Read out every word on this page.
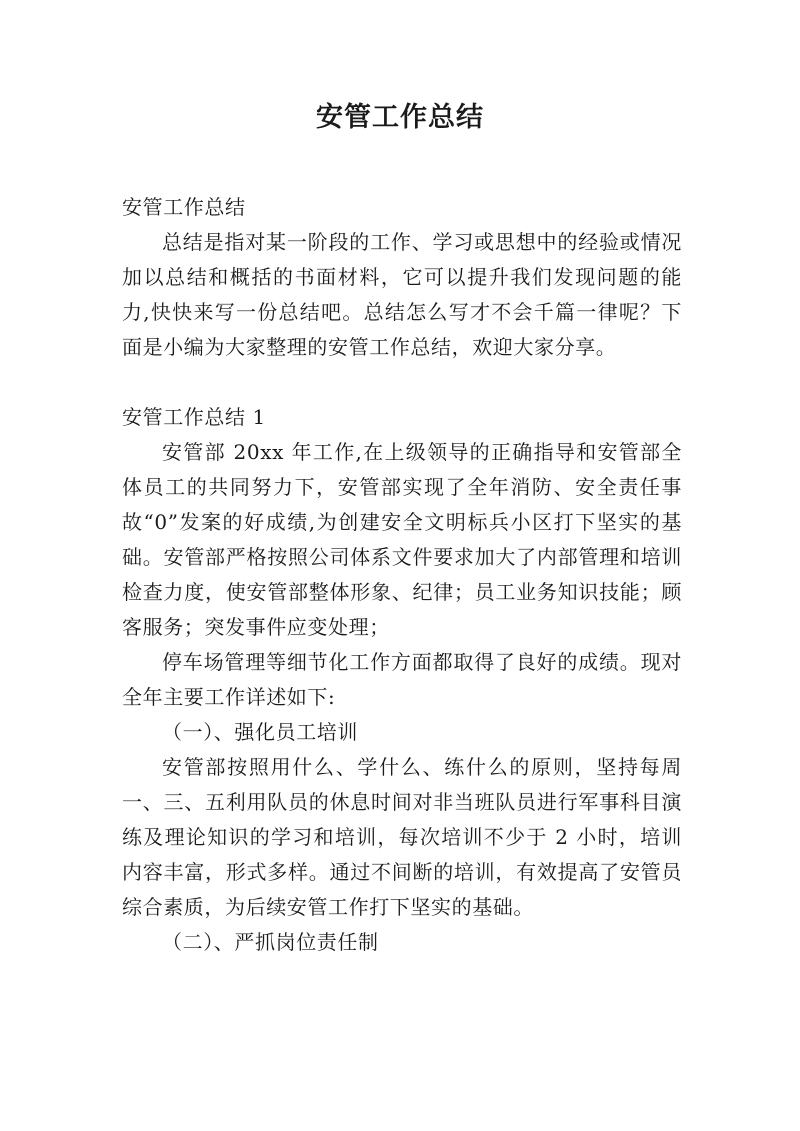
安管工作总结

安管工作总结

总结是指对某一阶段的工作、学习或思想中的经验或情况加以总结和概括的书面材料，它可以提升我们发现问题的能力,快快来写一份总结吧。总结怎么写才不会千篇一律呢？下面是小编为大家整理的安管工作总结，欢迎大家分享。

安管工作总结 1

安管部 20xx 年工作,在上级领导的正确指导和安管部全体员工的共同努力下，安管部实现了全年消防、安全责任事故“0”发案的好成绩,为创建安全文明标兵小区打下坚实的基础。安管部严格按照公司体系文件要求加大了内部管理和培训检查力度，使安管部整体形象、纪律；员工业务知识技能；顾客服务；突发事件应变处理；

停车场管理等细节化工作方面都取得了良好的成绩。现对全年主要工作详述如下:

（一）、强化员工培训

安管部按照用什么、学什么、练什么的原则，坚持每周一、三、五利用队员的休息时间对非当班队员进行军事科目演练及理论知识的学习和培训，每次培训不少于 2 小时，培训内容丰富，形式多样。通过不间断的培训，有效提高了安管员综合素质，为后续安管工作打下坚实的基础。

（二）、严抓岗位责任制
